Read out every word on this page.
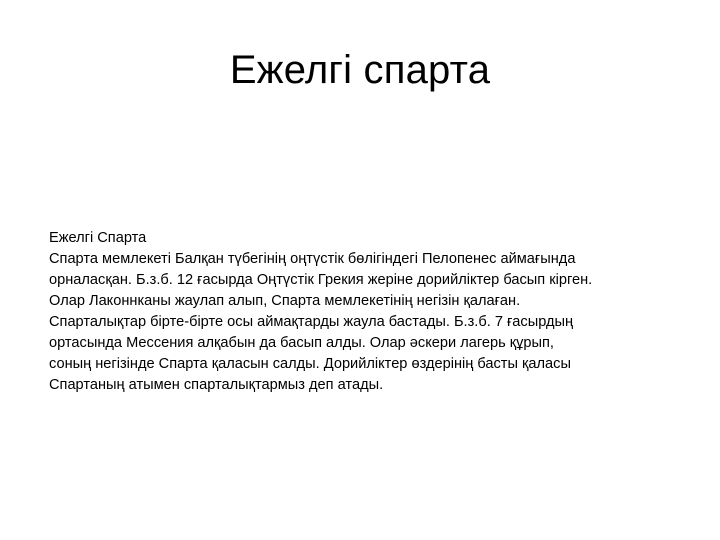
Ежелгі спарта

Ежелгі Спарта

Спарта мемлекеті Балқан түбегінің оңтүстік бөлігіндегі Пелопенес аймағында
орналасқан. Б.з.б. 12 ғасырда Оңтүстік Грекия жеріне дорийліктер басып кірген.
Олар Лаконнканы жаулап алып, Спарта мемлекетінің негізін қалаған.
Спарталықтар бірте-бірте осы аймақтарды жаула бастады. Б.з.б. 7 ғасырдың
ортасында Мессения алқабын да басып алды. Олар әскери лагерь құрып,
соның негізінде Спарта қаласын салды. Дорийліктер өздерінің басты қаласы
Спартаның атымен спарталықтармыз деп атады.
